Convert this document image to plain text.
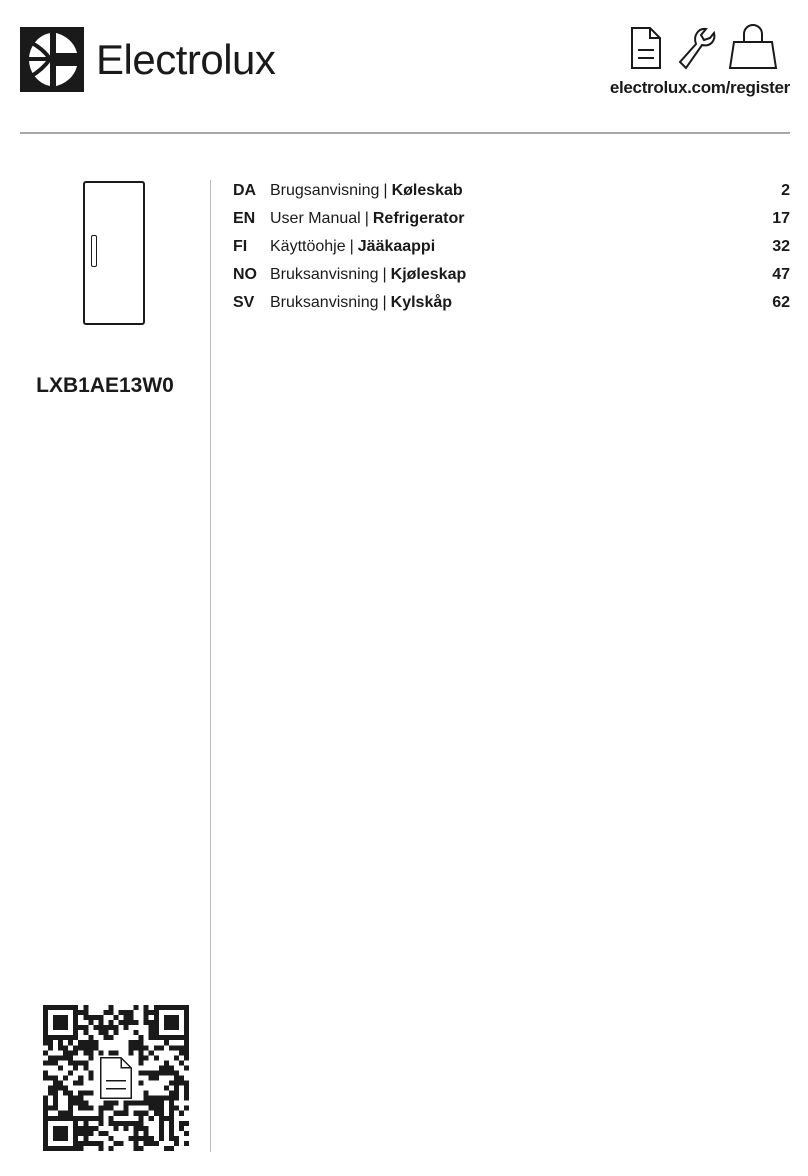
Electrolux
electrolux.com/register
LXB1AE13W0
DA Brugsanvisning | Køleskab	2
EN User Manual | Refrigerator	17
FI	Käyttöohje | Jääkaappi	32
NO Bruksanvisning | Kjøleskap	47
SV Bruksanvisning | Kylskåp	62
